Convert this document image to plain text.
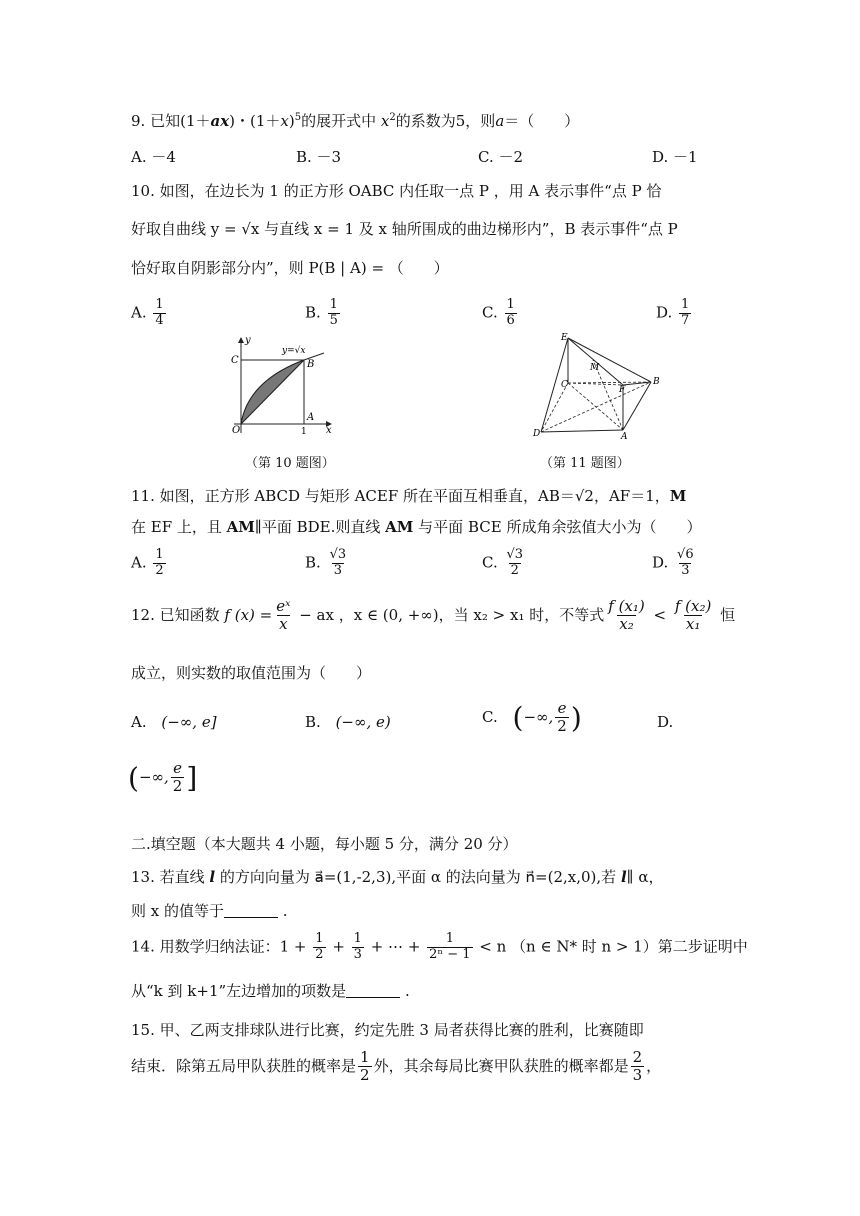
9. 已知(1＋ax)・$(1+x)^5$的展开式中 $x^2$的系数为5，则a＝（　　）
A. －4	B. －3	C. －2	D. －1
10. 如图，在边长为 1 的正方形 OABC 内任取一点 P ，用 A 表示事件“点 P 恰
好取自曲线 y = √x 与直线 x = 1 及 x 轴所围成的曲边梯形内”，B 表示事件“点 P
恰好取自阴影部分内”，则 P(B | A) = （　　）
A. $\frac{1}{4}$	B. $\frac{1}{5}$	C. $\frac{1}{6}$	D. $\frac{1}{7}$
y
y=√x
C	B
A
O	1 x
（第 10 题图）
E
M
C	F
B
D	A
（第 11 题图）
11. 如图，正方形 ABCD 与矩形 ACEF 所在平面互相垂直，AB＝√2，AF＝1，M
在 EF 上，且 AM∥平面 BDE.则直线 AM 与平面 BCE 所成角余弦值大小为（　　）
A. $\frac{1}{2}$	B. $\frac{√3}{3}$	C. $\frac{√3}{2}$	D. $\frac{√6}{3}$
12. 已知函数 f $(x) = \frac{\text{eˣ}}{x}$ − ax ，x ∈ (0, +∞)，当 x₂ > x₁ 时，不等式 $\frac{\text{f (x₁)}}{\text{x₂}} < \frac{\text{f (x₂)}}{\text{x₁}}$ 恒
成立，则实数的取值范围为（　　）
A. (−∞, e]	B. (−∞, e)	C. (−∞, $\frac{e}{2}$ )	D.
(−∞, $\frac{e}{2}$ ]
二.填空题（本大题共 4 小题，每小题 5 分，满分 20 分）
13. 若直线 l 的方向向量为 a⃗=(1,-2,3),平面 α 的法向量为 n⃗=(2,x,0),若 l∥ α，
则 x 的值等于	.
14. 用数学归纳法证：$1 + \frac{1}{2} + \frac{1}{3}$ + ⋯ + $\frac{1}{\text{2ⁿ − 1}} < n$ （n ∈ N* 时 n > 1）第二步证明中
从“k 到 k+1”左边增加的项数是	.
15. 甲、乙两支排球队进行比赛，约定先胜 3 局者获得比赛的胜利，比赛随即
结束．除第五局甲队获胜的概率是 $\frac{1}{2}$ 外，其余每局比赛甲队获胜的概率都是 $\frac{2}{3}$ ，
